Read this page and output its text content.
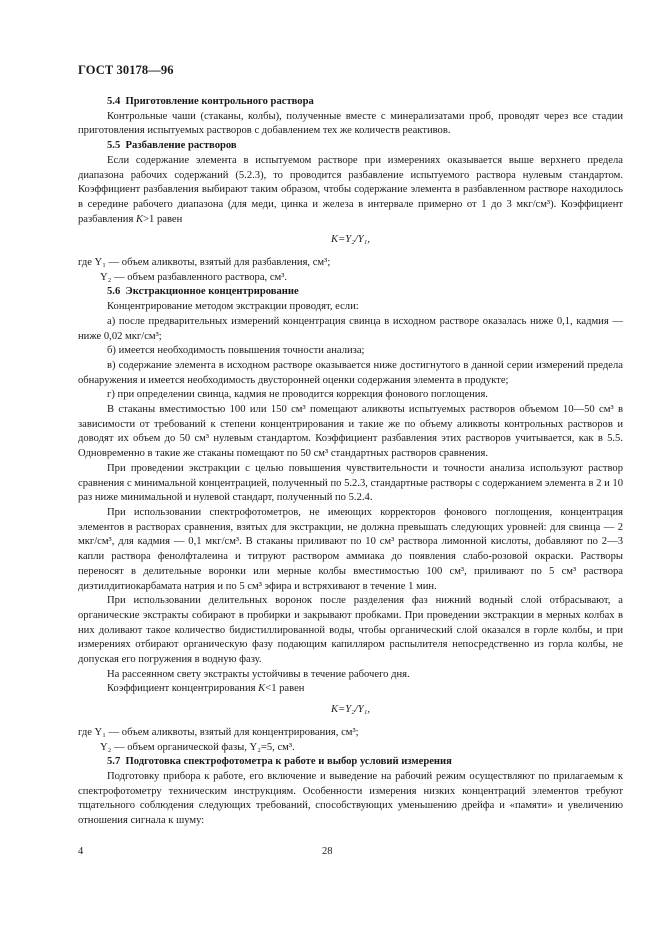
ГОСТ 30178—96

5.4 Приготовление контрольного раствора

Контрольные чаши (стаканы, колбы), полученные вместе с минерализатами проб, проводят через все стадии приготовления испытуемых растворов с добавлением тех же количеств реактивов.

5.5 Разбавление растворов

Если содержание элемента в испытуемом растворе при измерениях оказывается выше верхнего предела диапазона рабочих содержаний (5.2.3), то проводится разбавление испытуемого раствора нулевым стандартом. Коэффициент разбавления выбирают таким образом, чтобы содержание элемента в разбавленном растворе находилось в середине рабочего диапазона (для меди, цинка и железа в интервале примерно от 1 до 3 мкг/см³). Коэффициент разбавления K>1 равен

K=Y₂/Y₁,

где Y₁ — объем аликвоты, взятый для разбавления, см³;

Y₂ — объем разбавленного раствора, см³.

5.6 Экстракционное концентрирование

Концентрирование методом экстракции проводят, если:

а) после предварительных измерений концентрация свинца в исходном растворе оказалась ниже 0,1, кадмия — ниже 0,02 мкг/см³;

б) имеется необходимость повышения точности анализа;

в) содержание элемента в исходном растворе оказывается ниже достигнутого в данной серии измерений предела обнаружения и имеется необходимость двусторонней оценки содержания элемента в продукте;

г) при определении свинца, кадмия не проводится коррекция фонового поглощения.

В стаканы вместимостью 100 или 150 см³ помещают аликвоты испытуемых растворов объемом 10—50 см³ в зависимости от требований к степени концентрирования и такие же по объему аликвоты контрольных растворов и доводят их объем до 50 см³ нулевым стандартом. Коэффициент разбавления этих растворов учитывается, как в 5.5. Одновременно в такие же стаканы помещают по 50 см³ стандартных растворов сравнения.

При проведении экстракции с целью повышения чувствительности и точности анализа используют раствор сравнения с минимальной концентрацией, полученный по 5.2.3, стандартные растворы с содержанием элемента в 2 и 10 раз ниже минимальной и нулевой стандарт, полученный по 5.2.4.

При использовании спектрофотометров, не имеющих корректоров фонового поглощения, концентрация элементов в растворах сравнения, взятых для экстракции, не должна превышать следующих уровней: для свинца — 2 мкг/см³, для кадмия — 0,1 мкг/см³. В стаканы приливают по 10 см³ раствора лимонной кислоты, добавляют по 2—3 капли раствора фенолфталеина и титруют раствором аммиака до появления слабо-розовой окраски. Растворы переносят в делительные воронки или мерные колбы вместимостью 100 см³, приливают по 5 см³ раствора диэтилдитиокарбамата натрия и по 5 см³ эфира и встряхивают в течение 1 мин.

При использовании делительных воронок после разделения фаз нижний водный слой отбрасывают, а органические экстракты собирают в пробирки и закрывают пробками. При проведении экстракции в мерных колбах в них доливают такое количество бидистиллированной воды, чтобы органический слой оказался в горле колбы, и при измерениях отбирают органическую фазу подающим капилляром распылителя непосредственно из горла колбы, не допуская его погружения в водную фазу.

На рассеянном свету экстракты устойчивы в течение рабочего дня.

Коэффициент концентрирования K<1 равен

K=Y₂/Y₁,

где Y₁ — объем аликвоты, взятый для концентрирования, см³;

Y₂ — объем органической фазы, Y₂=5, см³.

5.7 Подготовка спектрофотометра к работе и выбор условий измерения

Подготовку прибора к работе, его включение и выведение на рабочий режим осуществляют по прилагаемым к спектрофотометру техническим инструкциям. Особенности измерения низких концентраций элементов требуют тщательного соблюдения следующих требований, способствующих уменьшению дрейфа и «памяти» и увеличению отношения сигнала к шуму:

4	28
